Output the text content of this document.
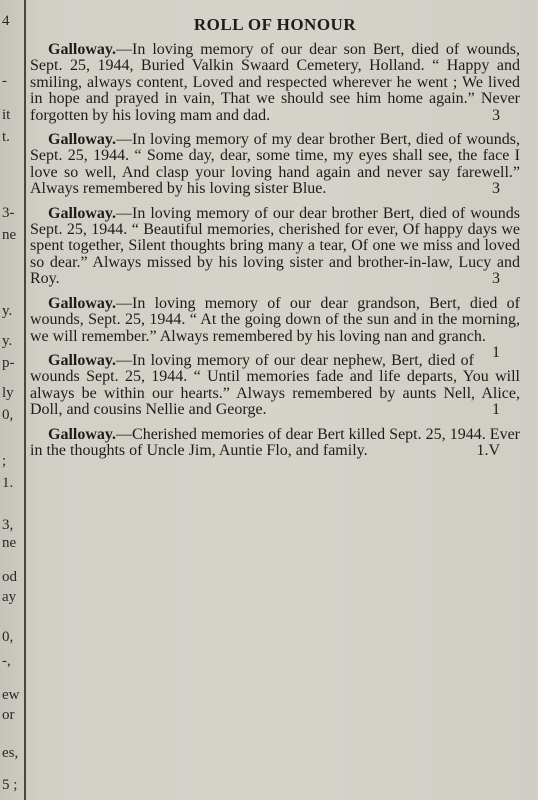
4
-
it
t.
3-
ne
y.
y.
p-
ly
0,
;
1.
3,
ne
od
ay
0,
-,
ew
or
es,
5 ;
ROLL OF HONOUR

Galloway.—In loving memory of our dear son Bert, died of wounds, Sept. 25, 1944, Buried Valkin Swaard Cemetery, Holland. “ Happy and smiling, always content, Loved and respected wherever he went ; We lived in hope and prayed in vain, That we should see him home again.” Never forgotten by his loving mam and dad.	3

Galloway.—In loving memory of my dear brother Bert, died of wounds, Sept. 25, 1944. “ Some day, dear, some time, my eyes shall see, the face I love so well, And clasp your loving hand again and never say farewell.” Always remembered by his loving sister Blue.	3

Galloway.—In loving memory of our dear brother Bert, died of wounds Sept. 25, 1944. “ Beautiful memories, cherished for ever, Of happy days we spent together, Silent thoughts bring many a tear, Of one we miss and loved so dear.” Always missed by his loving sister and brother-in-law, Lucy and Roy.	3

Galloway.—In loving memory of our dear grandson, Bert, died of wounds, Sept. 25, 1944. “ At the going down of the sun and in the morning, we will remember.” Always remembered by his loving nan and granch.
1

Galloway.—In loving memory of our dear nephew, Bert, died of wounds Sept. 25, 1944. “ Until memories fade and life departs, You will always be within our hearts.” Always remembered by aunts Nell, Alice, Doll, and cousins Nellie and George.	1

Galloway.—Cherished memories of dear Bert killed Sept. 25, 1944. Ever in the thoughts of Uncle Jim, Auntie Flo, and family.	1.V
